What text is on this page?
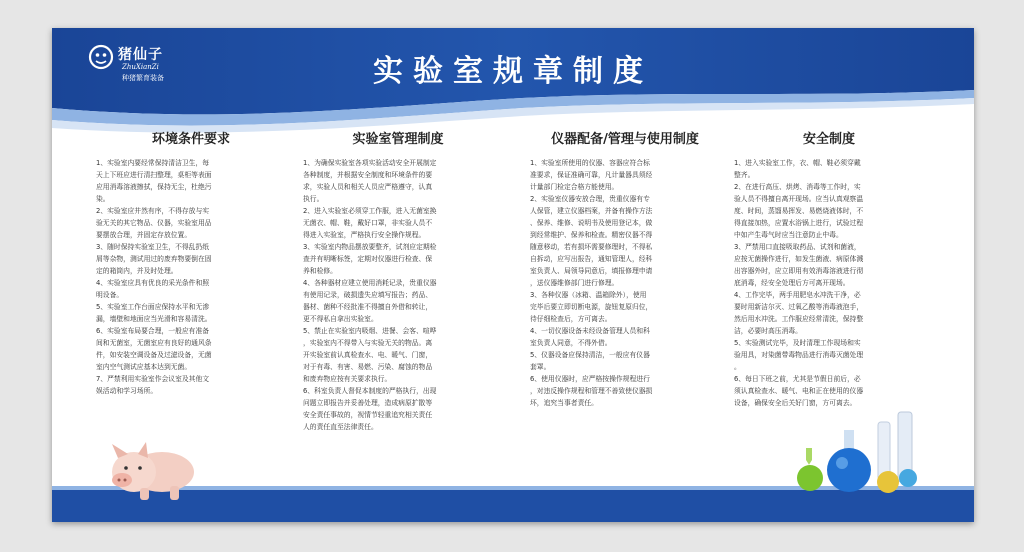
猪仙子
ZhuXianZi
种猪繁育装备	实验室规章制度
环境条件要求
1、实验室内要经常保持清洁卫生，每
天上下班应进行清扫整理，桌柜等表面
应用消毒溶液擦拭，保持无尘，杜绝污
染。
2、实验室应井然有序，不得存放与实
验无关的其它物品、仪器，实验室用品
要摆放合理，并固定存放位置。
3、随时保持实验室卫生，不得乱扔纸
屑等杂物，测试用过的废弃物要倒在固
定的箱筒内，并及时处理。
4、实验室应具有优良的采光条件和照
明设备。
5、实验室工作台面应保持水平和无渗
漏，墙壁和地面应当光滑和容易清洗。
6、实验室布局要合理，一般应有准备
间和无菌室，无菌室应有良好的通风条
件，如安装空调设备及过滤设备，无菌
室内空气测试应基本达到无菌。
7、严禁利用实验室作会议室及其他文
娱活动和学习场所。
实验室管理制度
1、为确保实验室各项实验活动安全开展制定
各种制度，并根据安全制度和环境条件的要
求，实验人员和相关人员应严格遵守，认真
执行。
2、进入实验室必须穿工作服，进入无菌室换
无菌衣、帽、鞋，戴好口罩，非实验人员不
得进入实验室，严格执行安全操作规程。
3、实验室内物品摆放要整齐，试剂应定期检
查并有明晰标签，定期对仪器进行检查、保
养和检修。
4、各种器材应建立使用消耗记录，贵重仪器
有使用记录，破损遗失应填写报告；药品、
器材、菌种不经批准不得擅自外借和转让，
更不得私自拿出实验室。
5、禁止在实验室内吸烟、进餐、会客、喧哗
，实验室内不得带入与实验无关的物品。离
开实验室前认真检查水、电、暖气、门窗，
对于有毒、有害、易燃、污染、腐蚀的物品
和废弃物应按有关要求执行。
6、科室负责人督促本制度的严格执行，出现
问题立即报告并妥善处理，造成病原扩散等
安全责任事故的，视情节轻重追究相关责任
人的责任直至法律责任。
仪器配备/管理与使用制度
1、实验室所使用的仪器、容器应符合标
准要求，保证准确可靠，凡计量器具须经
计量部门检定合格方能使用。
2、实验室仪器安放合理，贵重仪器有专
人保管，建立仪器档案，并备有操作方法
、保养、维修、说明书及使用登记本，做
到经常维护、保养和检查。精密仪器不得
随意移动，若有损坏需要修理时，不得私
自拆动，应写出报告，通知管理人，经科
室负责人、局领导同意后，填报修理申请
，送仪器维修部门进行修理。
3、各种仪器（冰箱、温箱除外），使用
完毕后要立即切断电源，旋钮复原归位，
待仔细检查后，方可离去。
4、一切仪器设备未经设备管理人员和科
室负责人同意，不得外借。
5、仪器设备应保持清洁，一般应有仪器
套罩。
6、使用仪器时，应严格按操作规程进行
，对违反操作规程和管理不善致使仪器损
坏，追究当事者责任。
安全制度
1、进入实验室工作，衣、帽、鞋必须穿戴
整齐。
2、在进行高压、烘烤、消毒等工作时，实
验人员不得擅自离开现场。应当认真观察温
度、时间，蒸馏易挥发、易燃烧液体时，不
得直接加热，应置水浴锅上进行，试验过程
中如产生毒气时应当注意防止中毒。
3、严禁用口直接吸取药品、试剂和菌液，
应按无菌操作进行，如发生菌液、病原体溅
出容器外时，应立即用有效消毒溶液进行彻
底消毒，经安全处理后方可离开现场。
4、工作完毕，两手用肥皂水冲洗干净，必
要时用新洁尔灭、过氧乙酸等消毒液泡手，
然后用水冲洗。工作服应经常清洗，保持整
洁，必要时高压消毒。
5、实验测试完毕，及时清理工作现场和实
验用具，对染菌带毒物品进行消毒灭菌处理
。
6、每日下班之前，尤其是节假日前后，必
须认真检查水、暖气、电和正在使用的仪器
设备，确保安全后关好门窗，方可离去。
